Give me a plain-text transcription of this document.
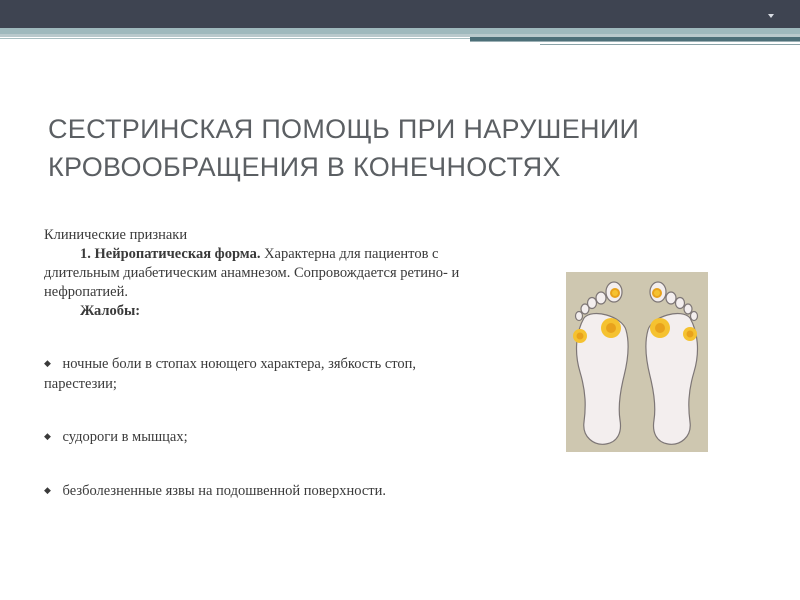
СЕСТРИНСКАЯ ПОМОЩЬ ПРИ НАРУШЕНИИ
КРОВООБРАЩЕНИЯ В КОНЕЧНОСТЯХ

Клинические признаки

1. Нейропатическая форма. Характерна для пациентов с

длительным диабетическим анамнезом. Сопровождается ретино- и

нефропатией.

Жалобы:

◆ ночные боли в стопах ноющего характера, зябкость стоп,

парестезии;

◆ судороги в мышцах;

◆ безболезненные язвы на подошвенной поверхности.
